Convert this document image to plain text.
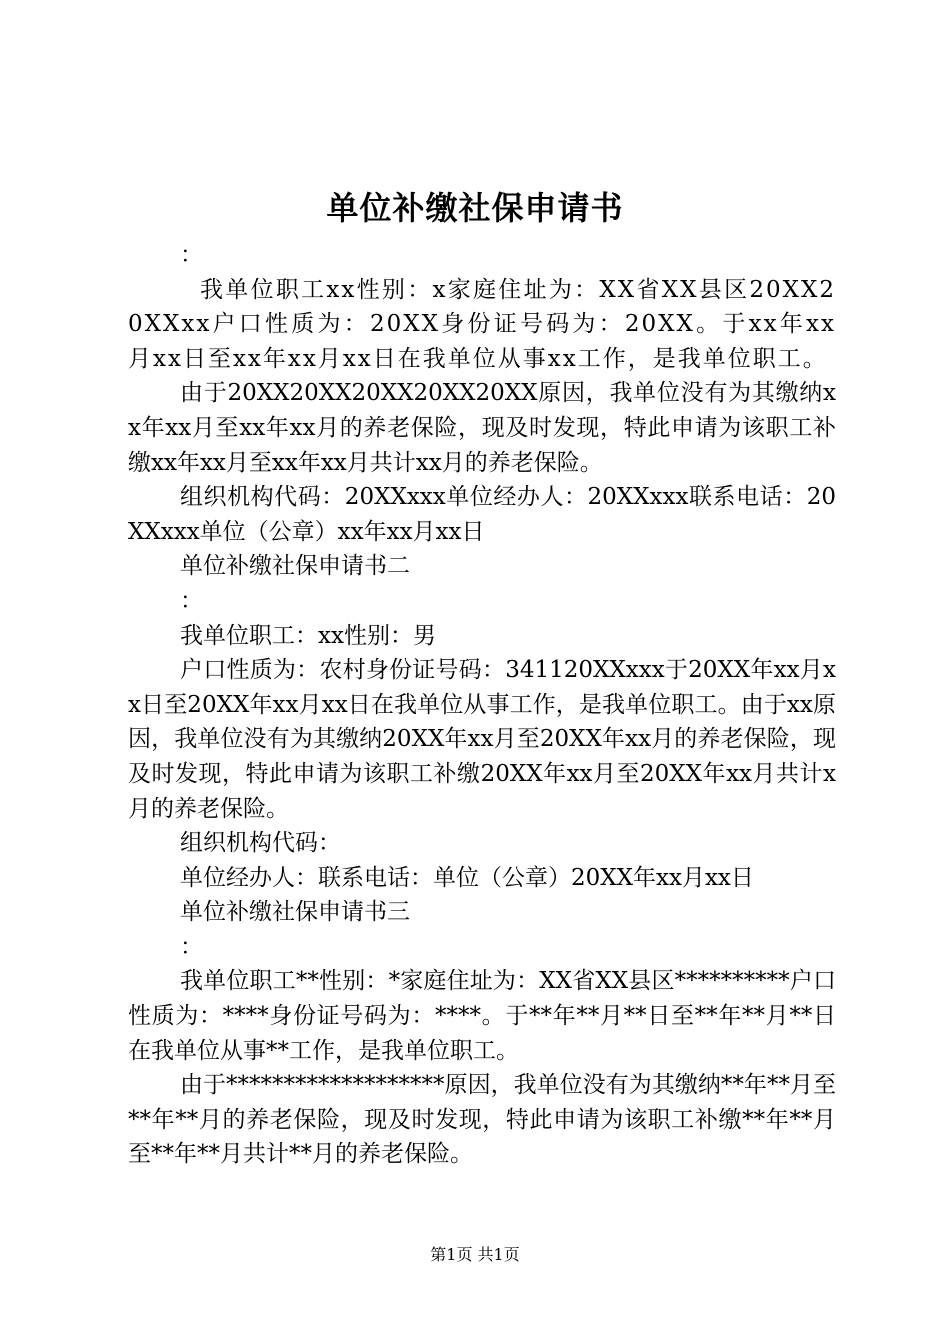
单位补缴社保申请书

：

我单位职工xx性别：x家庭住址为：XX省XX县区20XX20XXxx户口性质为：20XX身份证号码为：20XX。于xx年xx月xx日至xx年xx月xx日在我单位从事xx工作，是我单位职工。

由于20XX20XX20XX20XX20XX原因，我单位没有为其缴纳xx年xx月至xx年xx月的养老保险，现及时发现，特此申请为该职工补缴xx年xx月至xx年xx月共计xx月的养老保险。

组织机构代码：20XXxxx单位经办人：20XXxxx联系电话：20XXxxx单位（公章）xx年xx月xx日

单位补缴社保申请书二

：

我单位职工：xx性别：男

户口性质为：农村身份证号码：341120XXxxx于20XX年xx月xx日至20XX年xx月xx日在我单位从事工作，是我单位职工。由于xx原因，我单位没有为其缴纳20XX年xx月至20XX年xx月的养老保险，现及时发现，特此申请为该职工补缴20XX年xx月至20XX年xx月共计x月的养老保险。

组织机构代码：

单位经办人：联系电话：单位（公章）20XX年xx月xx日

单位补缴社保申请书三

：

我单位职工**性别：*家庭住址为：XX省XX县区**********户口性质为：****身份证号码为：****。于**年**月**日至**年**月**日在我单位从事**工作，是我单位职工。

由于*******************原因，我单位没有为其缴纳**年**月至**年**月的养老保险，现及时发现，特此申请为该职工补缴**年**月至**年**月共计**月的养老保险。

第1页 共1页
